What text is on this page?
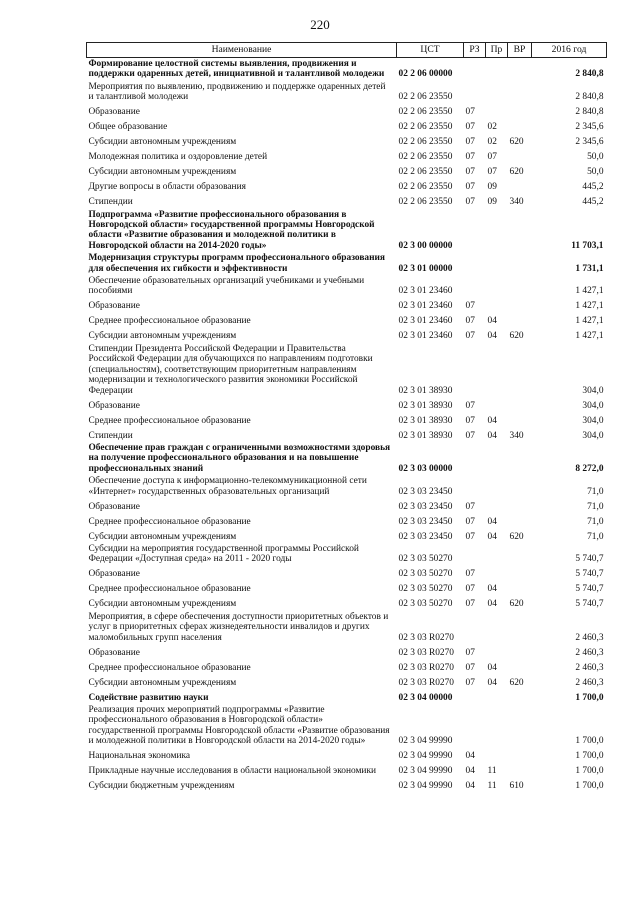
220
Наименование	ЦСТ	РЗ	Пр	ВР	2016 год
Формирование целостной системы выявления, продвижения и поддержки одаренных детей, инициативной и талантливой молодежи	02 2 06 00000				2 840,8
Мероприятия по выявлению, продвижению и поддержке одаренных детей и талантливой молодежи	02 2 06 23550				2 840,8
Образование	02 2 06 23550	07			2 840,8
Общее образование	02 2 06 23550	07	02		2 345,6
Субсидии автономным учреждениям	02 2 06 23550	07	02	620	2 345,6
Молодежная политика и оздоровление детей	02 2 06 23550	07	07		50,0
Субсидии автономным учреждениям	02 2 06 23550	07	07	620	50,0
Другие вопросы в области образования	02 2 06 23550	07	09		445,2
Стипендии	02 2 06 23550	07	09	340	445,2
Подпрограмма «Развитие профессионального образования в Новгородской области» государственной программы Новгородской области «Развитие образования и молодежной политики в Новгородской области на 2014-2020 годы»	02 3 00 00000				11 703,1
Модернизация структуры программ профессионального образования для обеспечения их гибкости и эффективности	02 3 01 00000				1 731,1
Обеспечение образовательных организаций учебниками и учебными пособиями	02 3 01 23460				1 427,1
Образование	02 3 01 23460	07			1 427,1
Среднее профессиональное образование	02 3 01 23460	07	04		1 427,1
Субсидии автономным учреждениям	02 3 01 23460	07	04	620	1 427,1
Стипендии Президента Российской Федерации и Правительства Российской Федерации для обучающихся по направлениям подготовки (специальностям), соответствующим приоритетным направлениям модернизации и технологического развития экономики Российской Федерации	02 3 01 38930				304,0
Образование	02 3 01 38930	07			304,0
Среднее профессиональное образование	02 3 01 38930	07	04		304,0
Стипендии	02 3 01 38930	07	04	340	304,0
Обеспечение прав граждан с ограниченными возможностями здоровья на получение профессионального образования и на повышение профессиональных знаний	02 3 03 00000				8 272,0
Обеспечение доступа к информационно-телекоммуникационной сети «Интернет» государственных образовательных организаций	02 3 03 23450				71,0
Образование	02 3 03 23450	07			71,0
Среднее профессиональное образование	02 3 03 23450	07	04		71,0
Субсидии автономным учреждениям	02 3 03 23450	07	04	620	71,0
Субсидии на мероприятия государственной программы Российской Федерации «Доступная среда» на 2011 - 2020 годы	02 3 03 50270				5 740,7
Образование	02 3 03 50270	07			5 740,7
Среднее профессиональное образование	02 3 03 50270	07	04		5 740,7
Субсидии автономным учреждениям	02 3 03 50270	07	04	620	5 740,7
Мероприятия, в сфере обеспечения доступности приоритетных объектов и услуг в приоритетных сферах жизнедеятельности инвалидов и других маломобильных групп населения	02 3 03 R0270				2 460,3
Образование	02 3 03 R0270	07			2 460,3
Среднее профессиональное образование	02 3 03 R0270	07	04		2 460,3
Субсидии автономным учреждениям	02 3 03 R0270	07	04	620	2 460,3
Содействие развитию науки	02 3 04 00000				1 700,0
Реализация прочих мероприятий подпрограммы «Развитие профессионального образования в Новгородской области» государственной программы Новгородской области «Развитие образования и молодежной политики в Новгородской области на 2014-2020 годы»	02 3 04 99990				1 700,0
Национальная экономика	02 3 04 99990	04			1 700,0
Прикладные научные исследования в области национальной экономики	02 3 04 99990	04	11		1 700,0
Субсидии бюджетным учреждениям	02 3 04 99990	04	11	610	1 700,0
